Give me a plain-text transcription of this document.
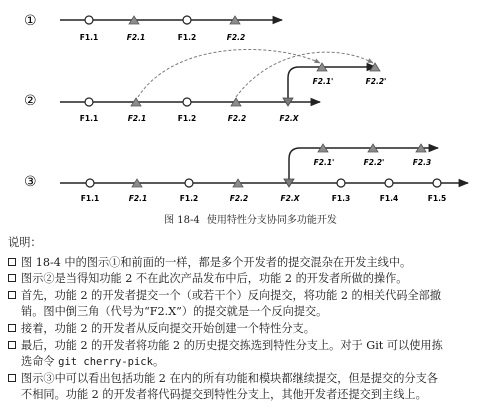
①
F1.1	F2.1	F1.2	F2.2
②
F1.1	F2.1	F1.2	F2.2	F2.X
F2.1'	F2.2'
③
F1.1	F2.1	F1.2	F2.2	F2.X	F1.3	F1.4	F1.5
F2.1'	F2.2'	F2.3
图 18-4 使用特性分支协同多功能开发
说明：
图 18-4 中的图示①和前面的一样，都是多个开发者的提交混杂在开发主线中。
图示②是当得知功能 2 不在此次产品发布中后，功能 2 的开发者所做的操作。
首先，功能 2 的开发者提交一个（或若干个）反向提交，将功能 2 的相关代码全部撤
销。图中倒三角（代号为“F2.X”）的提交就是一个反向提交。
接着，功能 2 的开发者从反向提交开始创建一个特性分支。
最后，功能 2 的开发者将功能 2 的历史提交拣选到特性分支上。对于 Git 可以使用拣
选命令 git cherry-pick。
图示③中可以看出包括功能 2 在内的所有功能和模块都继续提交，但是提交的分支各
不相同。功能 2 的开发者将代码提交到特性分支上，其他开发者还提交到主线上。
